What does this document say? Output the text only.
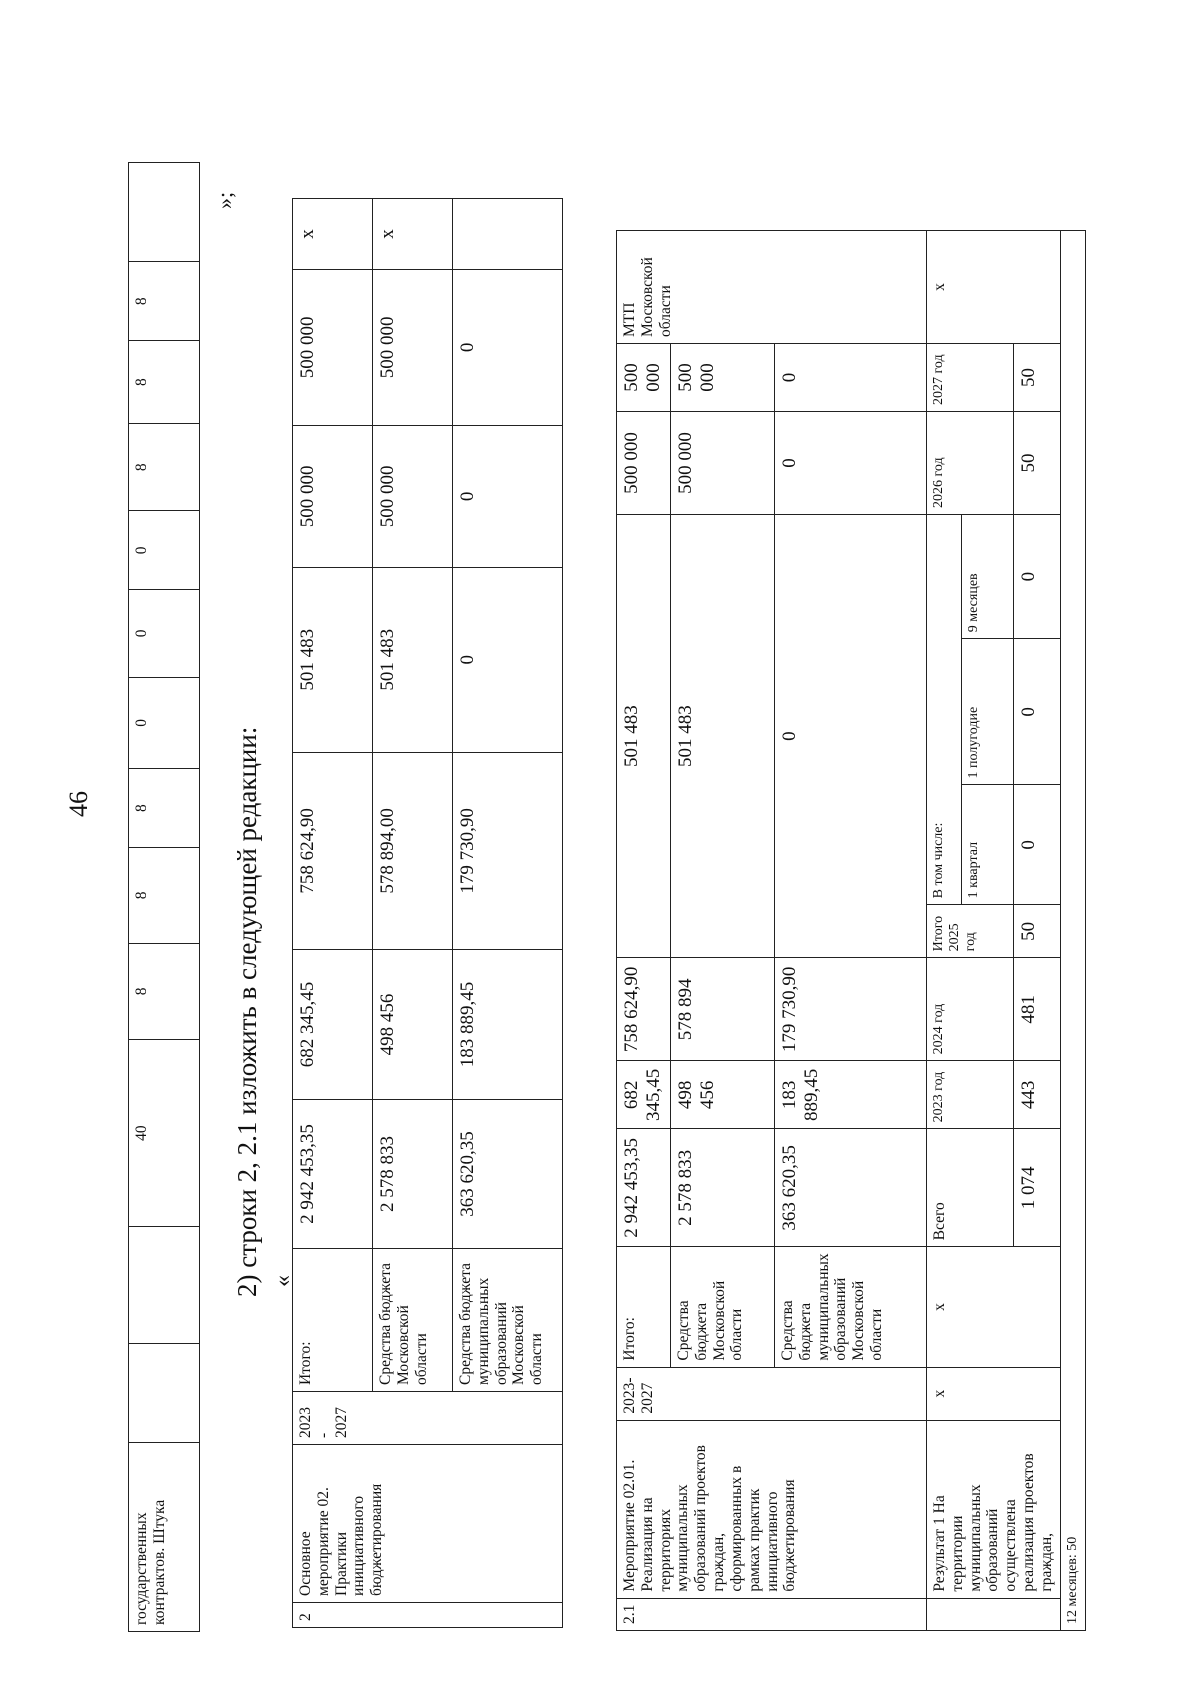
46
государственных контрактов. Штука			40	8	8	8	0	0	0	8	8	8	
2) строки 2, 2.1 изложить в следующей редакции: «
»;
2	Основное мероприятие 02. Практики инициативного бюджетирования	2023 - 2027	Итого:	2 942 453,35	682 345,45	758 624,90	501 483	500 000	500 000	х
			Средства бюджета Московской области	2 578 833	498 456	578 894,00	501 483	500 000	500 000	х
			Средства бюджета муниципальных образований Московской области	363 620,35	183 889,45	179 730,90	0	0	0	
2.1	Мероприятие 02.01. Реализация на территориях муниципальных образований проектов граждан, сформированных в рамках практик инициативного бюджетирования	2023-2027	Итого:	2 942 453,35	682 345,45	758 624,90	501 483				500 000	500 000	МТП Московской области
			Средства бюджета Московской области	2 578 833	498 456	578 894	501 483				500 000	500 000	
			Средства бюджета муниципальных образований Московской области	363 620,35	183 889,45	179 730,90	0				0	0	
	Результат 1 На территории муниципальных образований осуществлена реализация проектов граждан,	х	х	Всего	2023 год	2024 год	Итого 2025 год	В том числе:			2026 год	2027 год	х
								1 квартал	1 полугодие	9 месяцев			
				1 074	443	481	50	0	0	0	50	50	
12 месяцев: 50													
